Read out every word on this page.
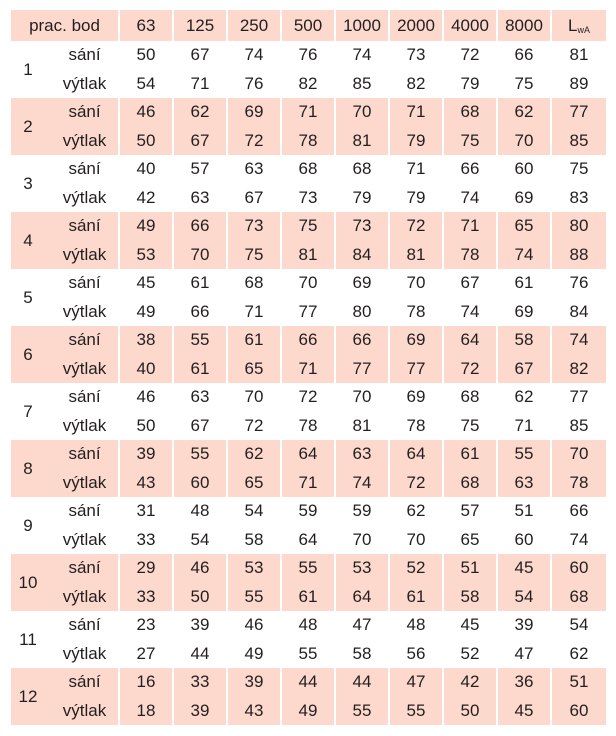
prac. bod		63	125	250	500	1000	2000	4000	8000	$L_{wA}$
1	sání	50	67	74	76	74	73	72	66	81
	výtlak	54	71	76	82	85	82	79	75	89
2	sání	46	62	69	71	70	71	68	62	77
	výtlak	50	67	72	78	81	79	75	70	85
3	sání	40	57	63	68	68	71	66	60	75
	výtlak	42	63	67	73	79	79	74	69	83
4	sání	49	66	73	75	73	72	71	65	80
	výtlak	53	70	75	81	84	81	78	74	88
5	sání	45	61	68	70	69	70	67	61	76
	výtlak	49	66	71	77	80	78	74	69	84
6	sání	38	55	61	66	66	69	64	58	74
	výtlak	40	61	65	71	77	77	72	67	82
7	sání	46	63	70	72	70	69	68	62	77
	výtlak	50	67	72	78	81	78	75	71	85
8	sání	39	55	62	64	63	64	61	55	70
	výtlak	43	60	65	71	74	72	68	63	78
9	sání	31	48	54	59	59	62	57	51	66
	výtlak	33	54	58	64	70	70	65	60	74
10	sání	29	46	53	55	53	52	51	45	60
	výtlak	33	50	55	61	64	61	58	54	68
11	sání	23	39	46	48	47	48	45	39	54
	výtlak	27	44	49	55	58	56	52	47	62
12	sání	16	33	39	44	44	47	42	36	51
	výtlak	18	39	43	49	55	55	50	45	60
